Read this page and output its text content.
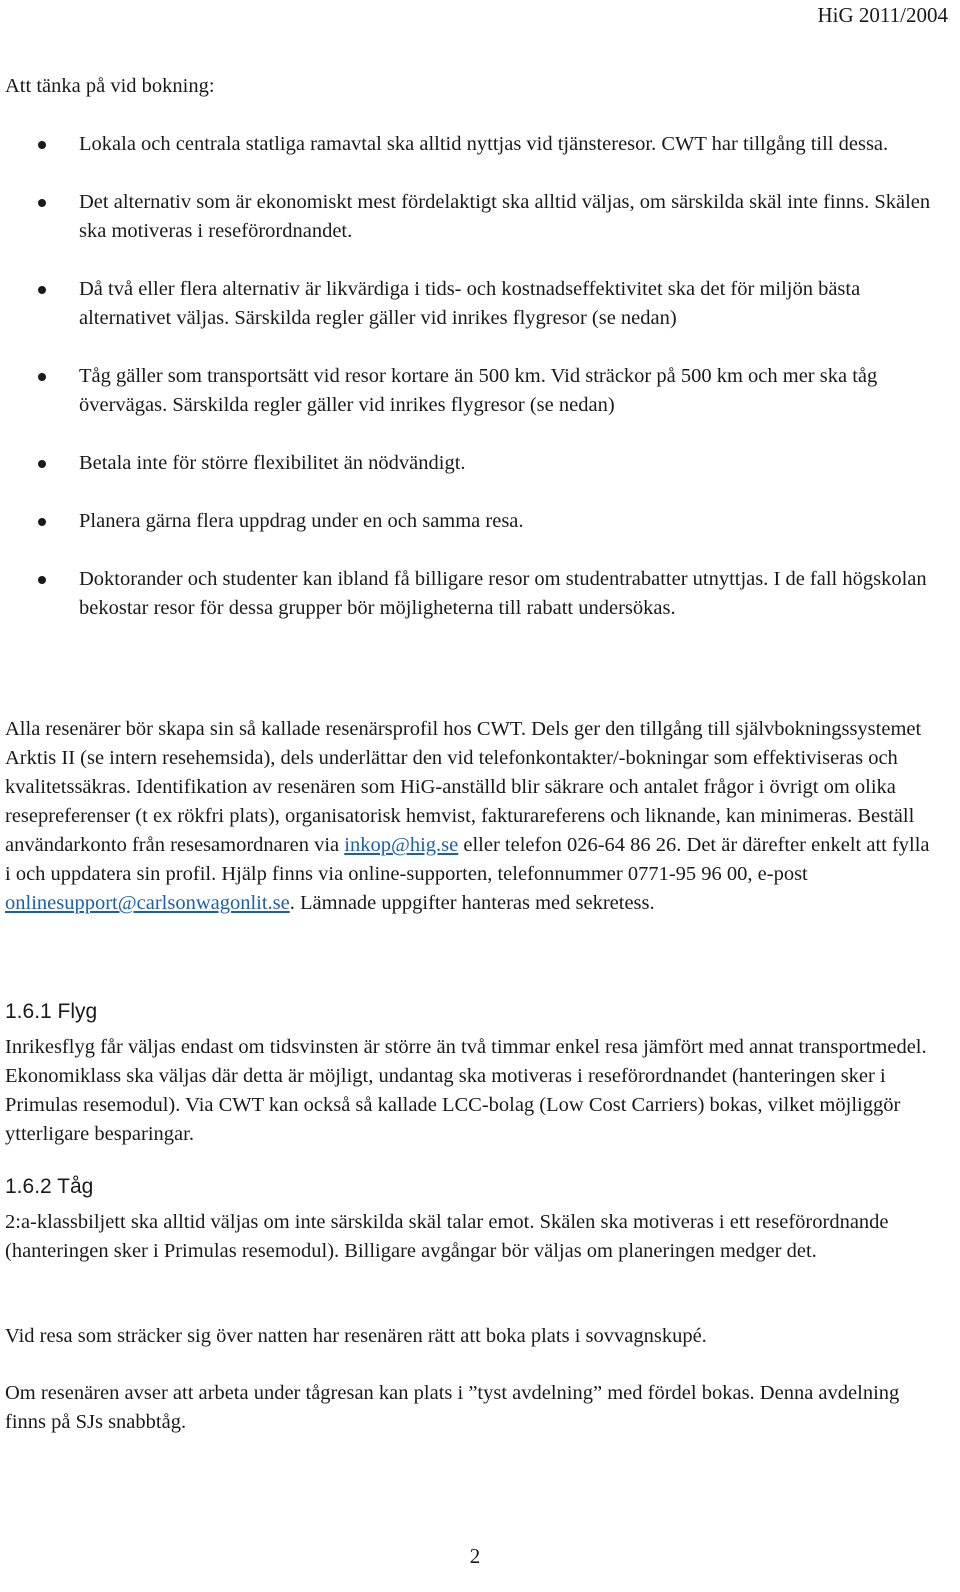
HiG 2011/2004
Att tänka på vid bokning:
Lokala och centrala statliga ramavtal ska alltid nyttjas vid tjänsteresor. CWT har tillgång till dessa.
Det alternativ som är ekonomiskt mest fördelaktigt ska alltid väljas, om särskilda skäl inte finns. Skälen ska motiveras i reseförordnandet.
Då två eller flera alternativ är likvärdiga i tids- och kostnadseffektivitet ska det för miljön bästa alternativet väljas. Särskilda regler gäller vid inrikes flygresor (se nedan)
Tåg gäller som transportsätt vid resor kortare än 500 km. Vid sträckor på 500 km och mer ska tåg övervägas. Särskilda regler gäller vid inrikes flygresor (se nedan)
Betala inte för större flexibilitet än nödvändigt.
Planera gärna flera uppdrag under en och samma resa.
Doktorander och studenter kan ibland få billigare resor om studentrabatter utnyttjas. I de fall högskolan bekostar resor för dessa grupper bör möjligheterna till rabatt undersökas.

Alla resenärer bör skapa sin så kallade resenärsprofil hos CWT. Dels ger den tillgång till självbokningssystemet Arktis II (se intern resehemsida), dels underlättar den vid telefonkontakter/-bokningar som effektiviseras och kvalitetssäkras. Identifikation av resenären som HiG-anställd blir säkrare och antalet frågor i övrigt om olika resepreferenser (t ex rökfri plats), organisatorisk hemvist, fakturareferens och liknande, kan minimeras. Beställ användarkonto från resesamordnaren via inkop@hig.se eller telefon 026-64 86 26. Det är därefter enkelt att fylla i och uppdatera sin profil. Hjälp finns via online-supporten, telefonnummer 0771-95 96 00, e-post onlinesupport@carlsonwagonlit.se. Lämnade uppgifter hanteras med sekretess.

1.6.1 Flyg

Inrikesflyg får väljas endast om tidsvinsten är större än två timmar enkel resa jämfört med annat transportmedel. Ekonomiklass ska väljas där detta är möjligt, undantag ska motiveras i reseförordnandet (hanteringen sker i Primulas resemodul). Via CWT kan också så kallade LCC-bolag (Low Cost Carriers) bokas, vilket möjliggör ytterligare besparingar.

1.6.2 Tåg

2:a-klassbiljett ska alltid väljas om inte särskilda skäl talar emot. Skälen ska motiveras i ett reseförordnande (hanteringen sker i Primulas resemodul). Billigare avgångar bör väljas om planeringen medger det.

Vid resa som sträcker sig över natten har resenären rätt att boka plats i sovvagnskupé.

Om resenären avser att arbeta under tågresan kan plats i ”tyst avdelning” med fördel bokas. Denna avdelning finns på SJs snabbtåg.

2
